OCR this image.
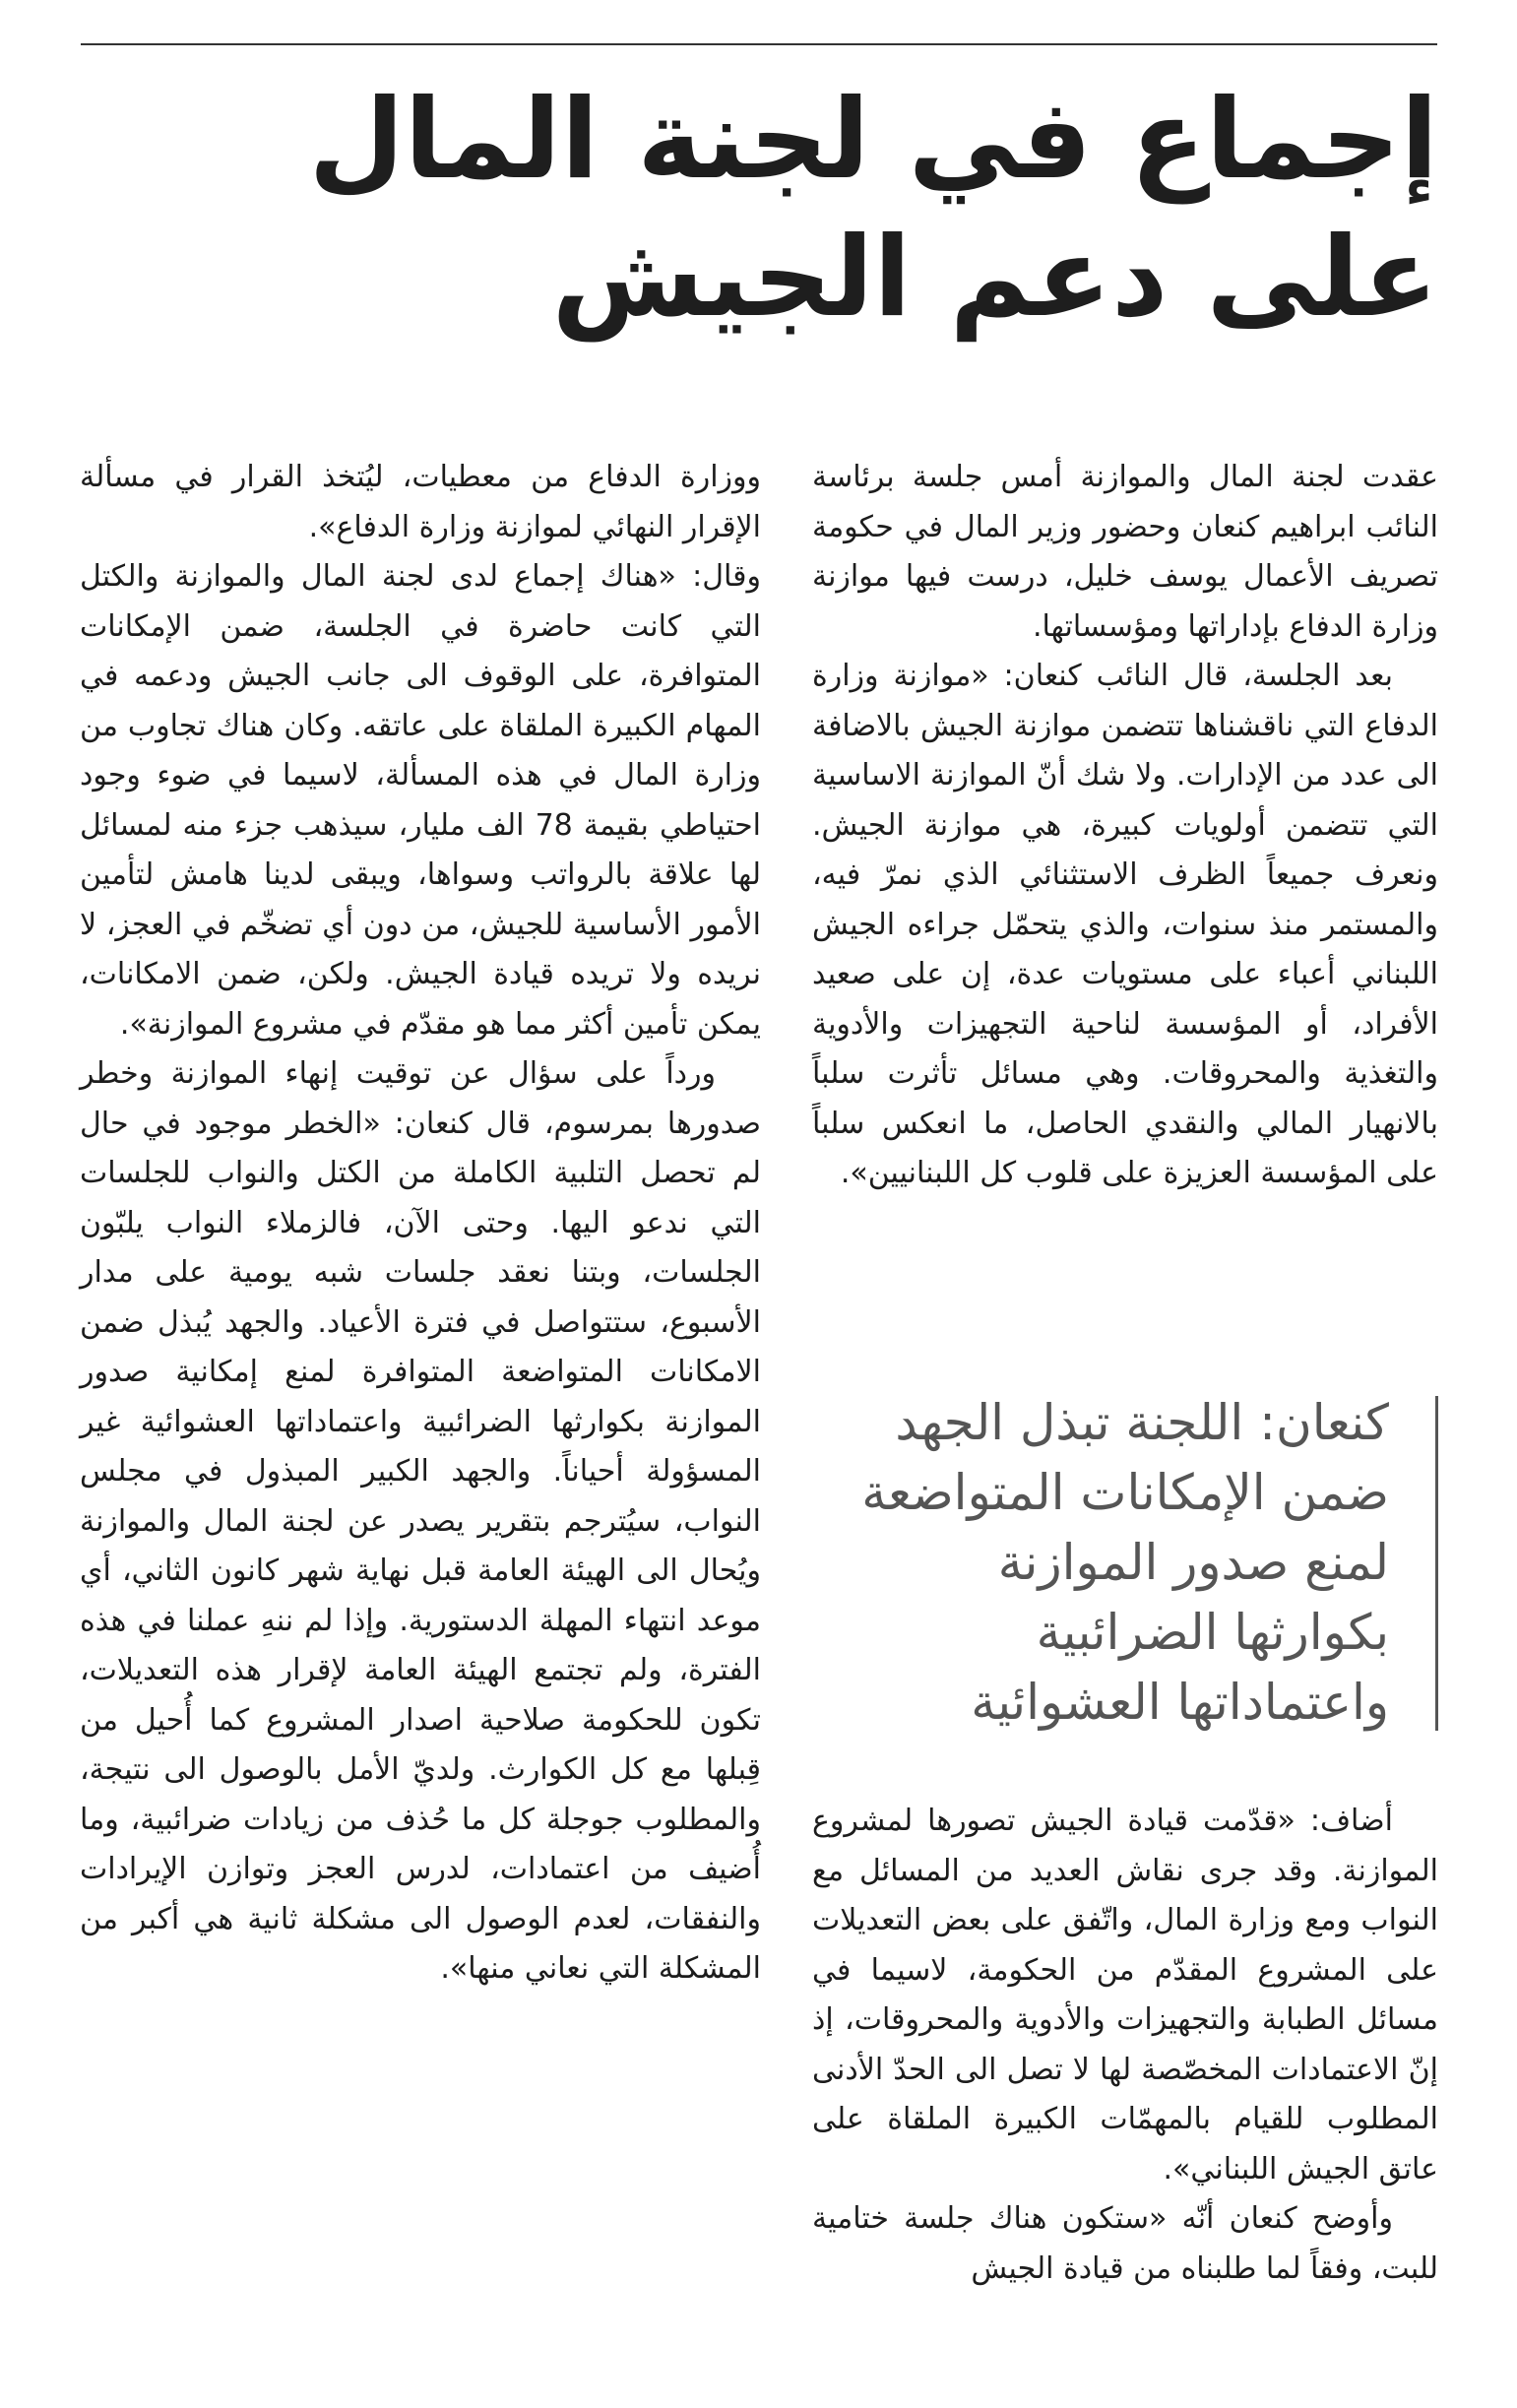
إجماع في لجنة المال
على دعم الجيش

عقدت لجنة المال والموازنة أمس جلسة برئاسة النائب ابراهيم كنعان وحضور وزير المال في حكومة تصريف الأعمال يوسف خليل، درست فيها موازنة وزارة الدفاع بإداراتها ومؤسساتها.

بعد الجلسة، قال النائب كنعان: «موازنة وزارة الدفاع التي ناقشناها تتضمن موازنة الجيش بالاضافة الى عدد من الإدارات. ولا شك أنّ الموازنة الاساسية التي تتضمن أولويات كبيرة، هي موازنة الجيش. ونعرف جميعاً الظرف الاستثنائي الذي نمرّ فيه، والمستمر منذ سنوات، والذي يتحمّل جراءه الجيش اللبناني أعباء على مستويات عدة، إن على صعيد الأفراد، أو المؤسسة لناحية التجهيزات والأدوية والتغذية والمحروقات. وهي مسائل تأثرت سلباً بالانهيار المالي والنقدي الحاصل، ما انعكس سلباً على المؤسسة العزيزة على قلوب كل اللبنانيين».

كنعان: اللجنة تبذل الجهد ضمن الإمكانات المتواضعة لمنع صدور الموازنة بكوارثها الضرائبية واعتماداتها العشوائية

أضاف: «قدّمت قيادة الجيش تصورها لمشروع الموازنة. وقد جرى نقاش العديد من المسائل مع النواب ومع وزارة المال، واتّفق على بعض التعديلات على المشروع المقدّم من الحكومة، لاسيما في مسائل الطبابة والتجهيزات والأدوية والمحروقات، إذ إنّ الاعتمادات المخصّصة لها لا تصل الى الحدّ الأدنى المطلوب للقيام بالمهمّات الكبيرة الملقاة على عاتق الجيش اللبناني».

وأوضح كنعان أنّه «ستكون هناك جلسة ختامية للبت، وفقاً لما طلبناه من قيادة الجيش

ووزارة الدفاع من معطيات، ليُتخذ القرار في مسألة الإقرار النهائي لموازنة وزارة الدفاع».

وقال: «هناك إجماع لدى لجنة المال والموازنة والكتل التي كانت حاضرة في الجلسة، ضمن الإمكانات المتوافرة، على الوقوف الى جانب الجيش ودعمه في المهام الكبيرة الملقاة على عاتقه. وكان هناك تجاوب من وزارة المال في هذه المسألة، لاسيما في ضوء وجود احتياطي بقيمة 78 الف مليار، سيذهب جزء منه لمسائل لها علاقة بالرواتب وسواها، ويبقى لدينا هامش لتأمين الأمور الأساسية للجيش، من دون أي تضخّم في العجز، لا نريده ولا تريده قيادة الجيش. ولكن، ضمن الامكانات، يمكن تأمين أكثر مما هو مقدّم في مشروع الموازنة».

ورداً على سؤال عن توقيت إنهاء الموازنة وخطر صدورها بمرسوم، قال كنعان: «الخطر موجود في حال لم تحصل التلبية الكاملة من الكتل والنواب للجلسات التي ندعو اليها. وحتى الآن، فالزملاء النواب يلبّون الجلسات، وبتنا نعقد جلسات شبه يومية على مدار الأسبوع، ستتواصل في فترة الأعياد. والجهد يُبذل ضمن الامكانات المتواضعة المتوافرة لمنع إمكانية صدور الموازنة بكوارثها الضرائبية واعتماداتها العشوائية غير المسؤولة أحياناً. والجهد الكبير المبذول في مجلس النواب، سيُترجم بتقرير يصدر عن لجنة المال والموازنة ويُحال الى الهيئة العامة قبل نهاية شهر كانون الثاني، أي موعد انتهاء المهلة الدستورية. وإذا لم ننهِ عملنا في هذه الفترة، ولم تجتمع الهيئة العامة لإقرار هذه التعديلات، تكون للحكومة صلاحية اصدار المشروع كما أُحيل من قِبلها مع كل الكوارث. ولديّ الأمل بالوصول الى نتيجة، والمطلوب جوجلة كل ما حُذف من زيادات ضرائبية، وما أُضيف من اعتمادات، لدرس العجز وتوازن الإيرادات والنفقات، لعدم الوصول الى مشكلة ثانية هي أكبر من المشكلة التي نعاني منها».
